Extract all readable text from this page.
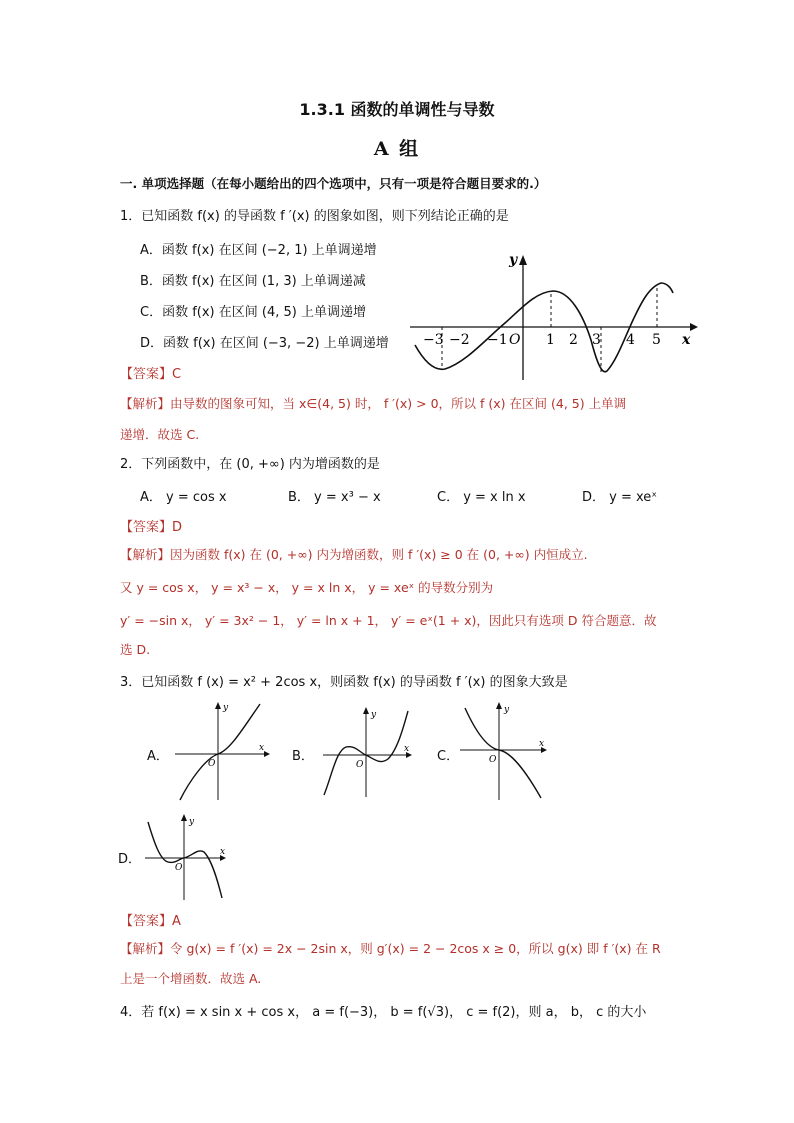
1.3.1 函数的单调性与导数
A 组
一. 单项选择题（在每小题给出的四个选项中，只有一项是符合题目要求的.）
1．已知函数 f(x) 的导函数 f ′(x) 的图象如图，则下列结论正确的是
A．函数 f(x) 在区间 (−2, 1) 上单调递增
B．函数 f(x) 在区间 (1, 3) 上单调递减
C．函数 f(x) 在区间 (4, 5) 上单调递增
D．函数 f(x) 在区间 (−3, −2) 上单调递增
y
x
O
−3 −2 −1	1 2 3 4 5
【答案】C
【解析】由导数的图象可知，当 x∈(4, 5) 时， f ′(x) > 0，所以 f (x) 在区间 (4, 5) 上单调
递增．故选 C.
2．下列函数中，在 (0, +∞) 内为增函数的是
A． y = cos x	B． y = x³ − x	C． y = x ln x	D． y = xeˣ
【答案】D
【解析】因为函数 f(x) 在 (0, +∞) 内为增函数，则 f ′(x) ≥ 0 在 (0, +∞) 内恒成立.
又 y = cos x， y = x³ − x， y = x ln x， y = xeˣ 的导数分别为
y′ = −sin x， y′ = 3x² − 1， y′ = ln x + 1， y′ = eˣ(1 + x)，因此只有选项 D 符合题意．故
选 D.
3．已知函数 f (x) = x² + 2cos x，则函数 f(x) 的导函数 f ′(x) 的图象大致是
A．
y
x
O	B．
y
x
O
C．
y
x
O
D．
y
x
O
【答案】A
【解析】令 g(x) = f ′(x) = 2x − 2sin x，则 g′(x) = 2 − 2cos x ≥ 0，所以 g(x) 即 f ′(x) 在 R
上是一个增函数．故选 A.
4．若 f(x) = x sin x + cos x， a = f(−3)， b = f(√3)， c = f(2)，则 a， b， c 的大小
